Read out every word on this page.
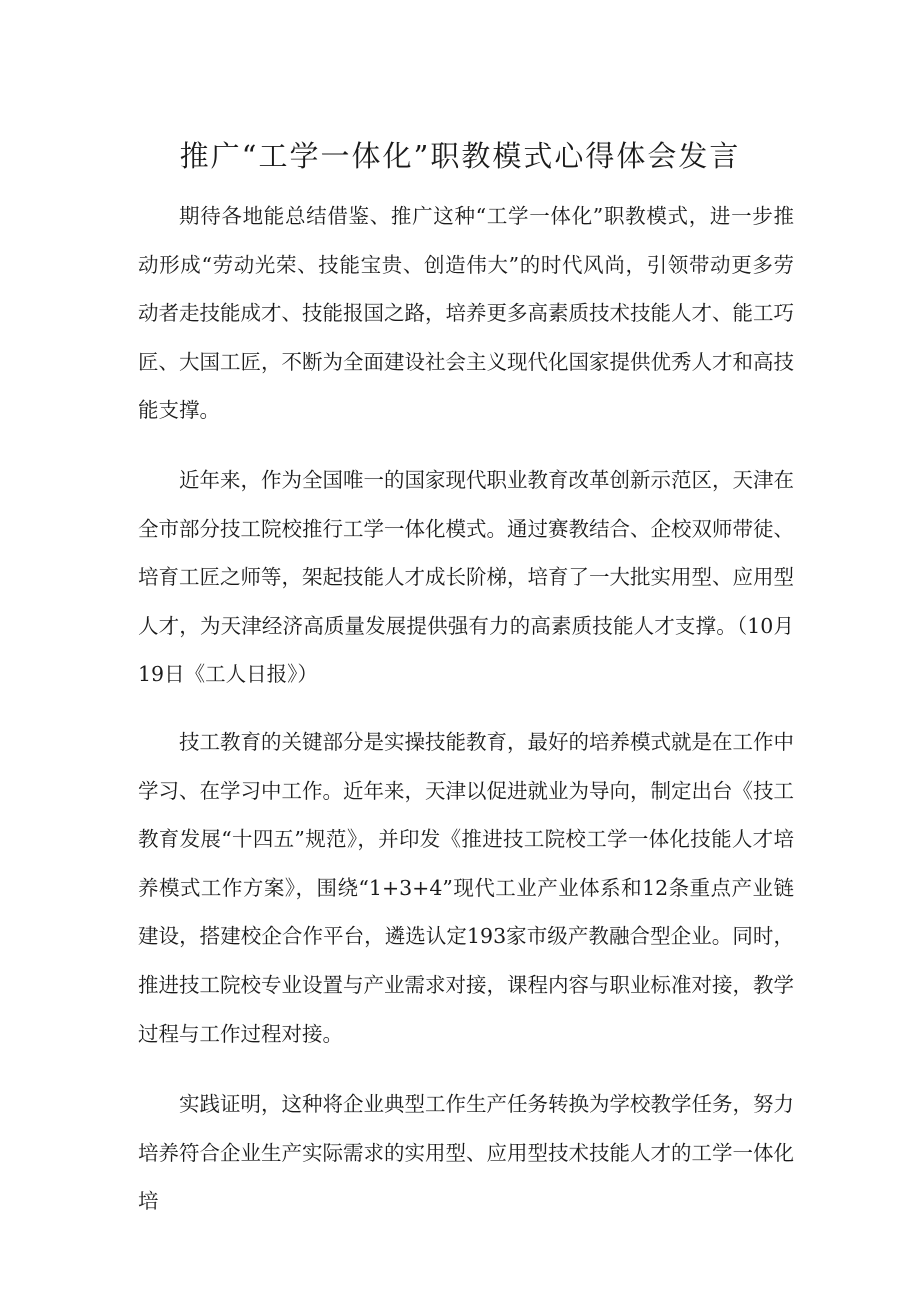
推广“工学一体化”职教模式心得体会发言

期待各地能总结借鉴、推广这种“工学一体化”职教模式，进一步推动形成“劳动光荣、技能宝贵、创造伟大”的时代风尚，引领带动更多劳动者走技能成才、技能报国之路，培养更多高素质技术技能人才、能工巧匠、大国工匠，不断为全面建设社会主义现代化国家提供优秀人才和高技能支撑。

近年来，作为全国唯一的国家现代职业教育改革创新示范区，天津在全市部分技工院校推行工学一体化模式。通过赛教结合、企校双师带徒、培育工匠之师等，架起技能人才成长阶梯，培育了一大批实用型、应用型人才，为天津经济高质量发展提供强有力的高素质技能人才支撑。（10月19日《工人日报》）

技工教育的关键部分是实操技能教育，最好的培养模式就是在工作中学习、在学习中工作。近年来，天津以促进就业为导向，制定出台《技工教育发展“十四五”规范》，并印发《推进技工院校工学一体化技能人才培养模式工作方案》，围绕“1+3+4”现代工业产业体系和12条重点产业链建设，搭建校企合作平台，遴选认定193家市级产教融合型企业。同时，推进技工院校专业设置与产业需求对接，课程内容与职业标准对接，教学过程与工作过程对接。

实践证明，这种将企业典型工作生产任务转换为学校教学任务，努力培养符合企业生产实际需求的实用型、应用型技术技能人才的工学一体化培
